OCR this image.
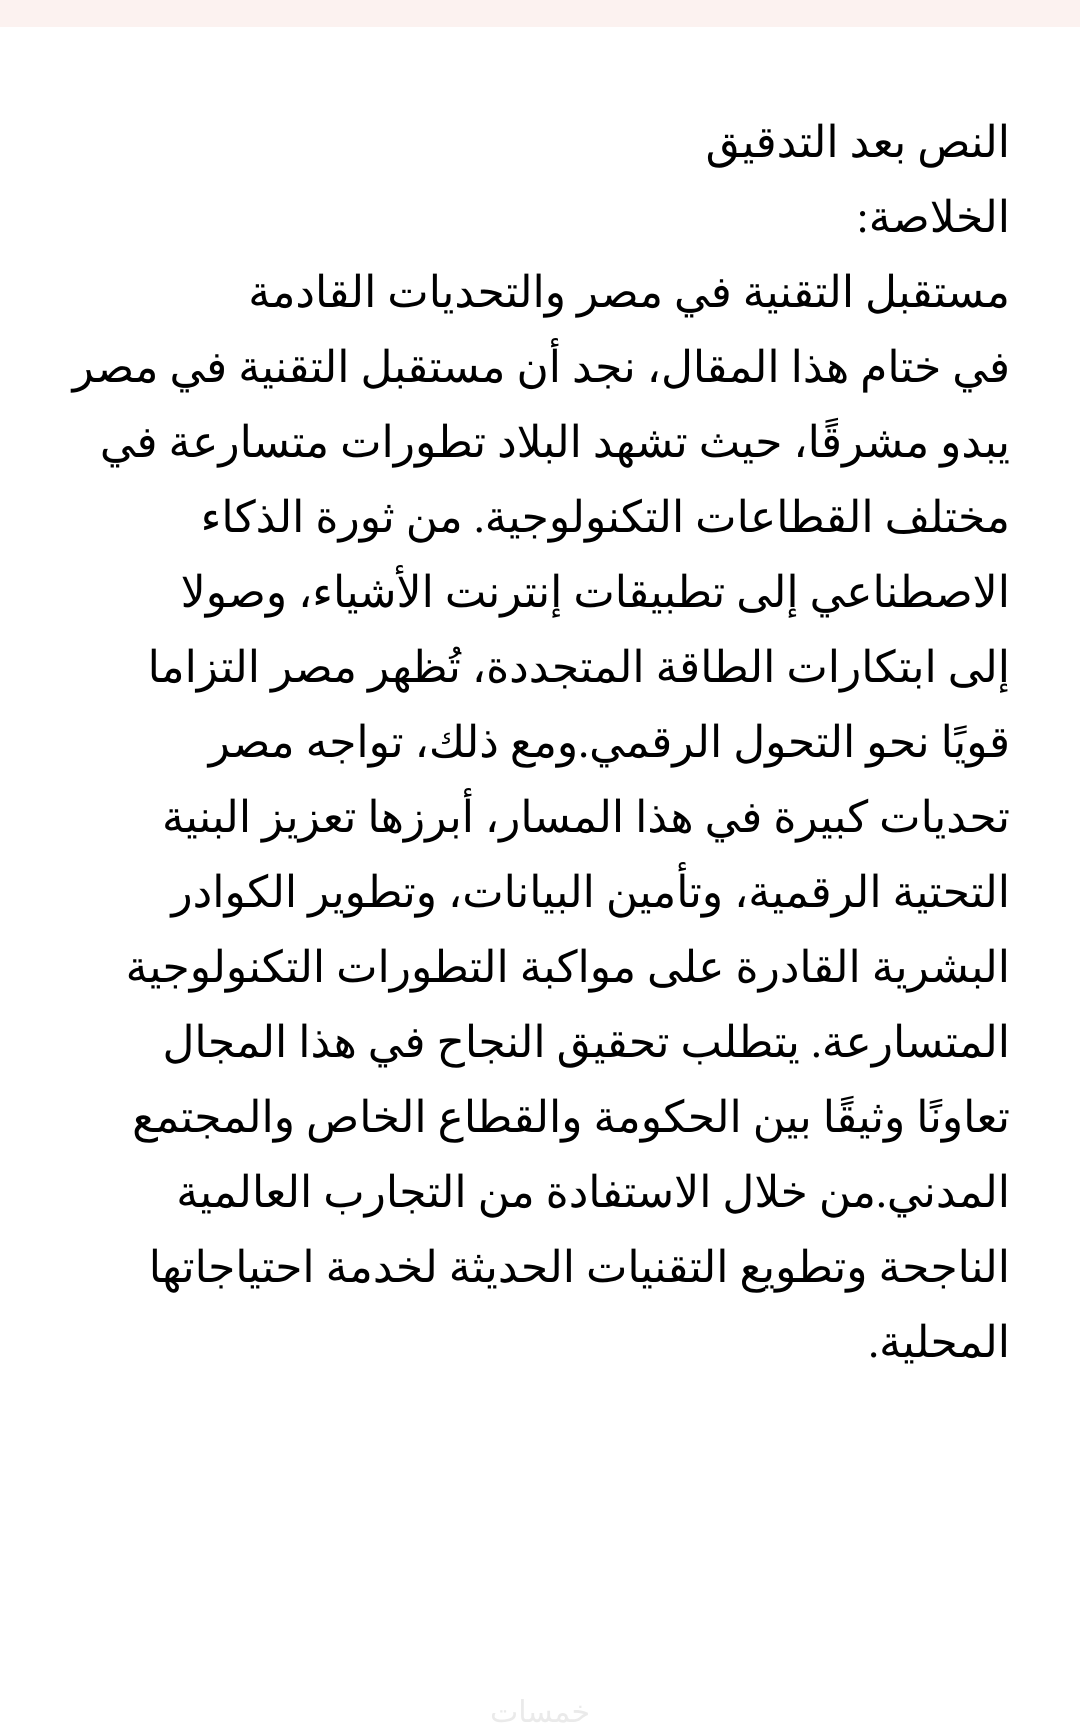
النص بعد التدقيق
الخلاصة:
مستقبل التقنية في مصر والتحديات القادمة
في ختام هذا المقال، نجد أن مستقبل التقنية في مصر
يبدو مشرقًا، حيث تشهد البلاد تطورات متسارعة في
مختلف القطاعات التكنولوجية. من ثورة الذكاء
الاصطناعي إلى تطبيقات إنترنت الأشياء، وصولا
إلى ابتكارات الطاقة المتجددة، تُظهر مصر التزاما
قويًا نحو التحول الرقمي.ومع ذلك، تواجه مصر
تحديات كبيرة في هذا المسار، أبرزها تعزيز البنية
التحتية الرقمية، وتأمين البيانات، وتطوير الكوادر
البشرية القادرة على مواكبة التطورات التكنولوجية
المتسارعة. يتطلب تحقيق النجاح في هذا المجال
تعاونًا وثيقًا بين الحكومة والقطاع الخاص والمجتمع
المدني.من خلال الاستفادة من التجارب العالمية
الناجحة وتطويع التقنيات الحديثة لخدمة احتياجاتها
المحلية.
خمسات
